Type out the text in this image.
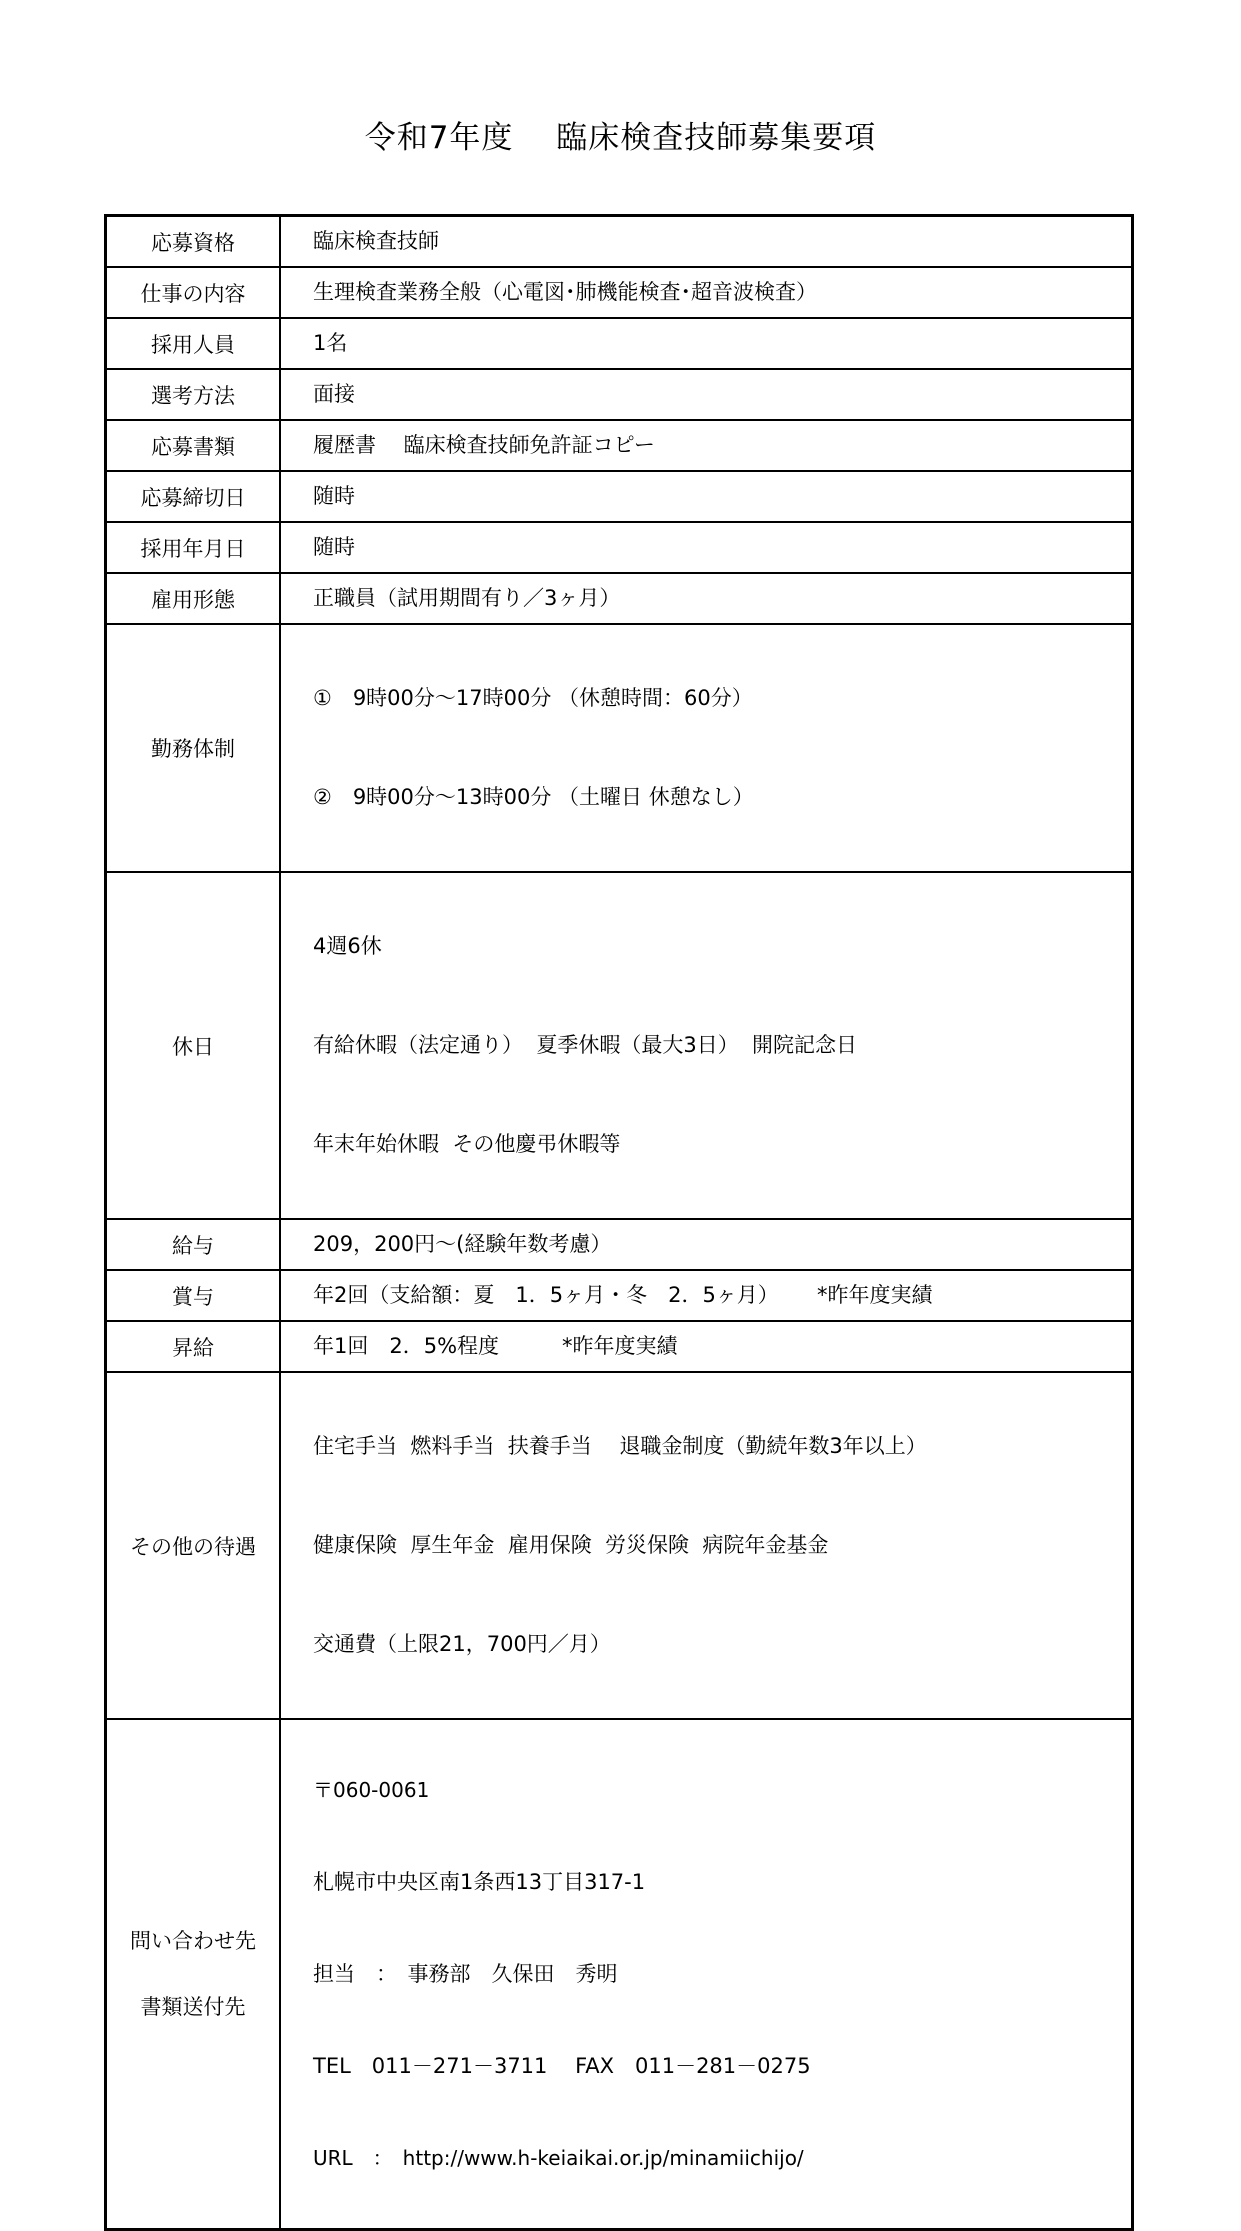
令和7年度　 臨床検査技師募集要項
応募資格	臨床検査技師
仕事の内容	生理検査業務全般（心電図･肺機能検査･超音波検査）
採用人員	1名
選考方法	面接
応募書類	履歴書　 臨床検査技師免許証コピー
応募締切日	随時
採用年月日	随時
雇用形態	正職員（試用期間有り／3ヶ月）
勤務体制	①　9時00分～17時00分 （休憩時間：60分）

②　9時00分～13時00分 （土曜日 休憩なし）

休日	4週6休

有給休暇（法定通り）  夏季休暇（最大3日）  開院記念日

年末年始休暇  その他慶弔休暇等

給与	209，200円～(経験年数考慮）
賞与	年2回（支給額：夏　1．5ヶ月・冬　2．5ヶ月）　　 *昨年度実績
昇給	年1回　2．5%程度　　　*昨年度実績
その他の待遇	住宅手当  燃料手当  扶養手当　 退職金制度（勤続年数3年以上）

健康保険  厚生年金  雇用保険  労災保険  病院年金基金

交通費（上限21，700円／月）

問い合わせ先
書類送付先	〒060-0061

札幌市中央区南1条西13丁目317-1

担当　：　事務部　久保田　秀明

TEL　011－271－3711　 FAX　011－281－0275

URL　：　http://www.h-keiaikai.or.jp/minamiichijo/
